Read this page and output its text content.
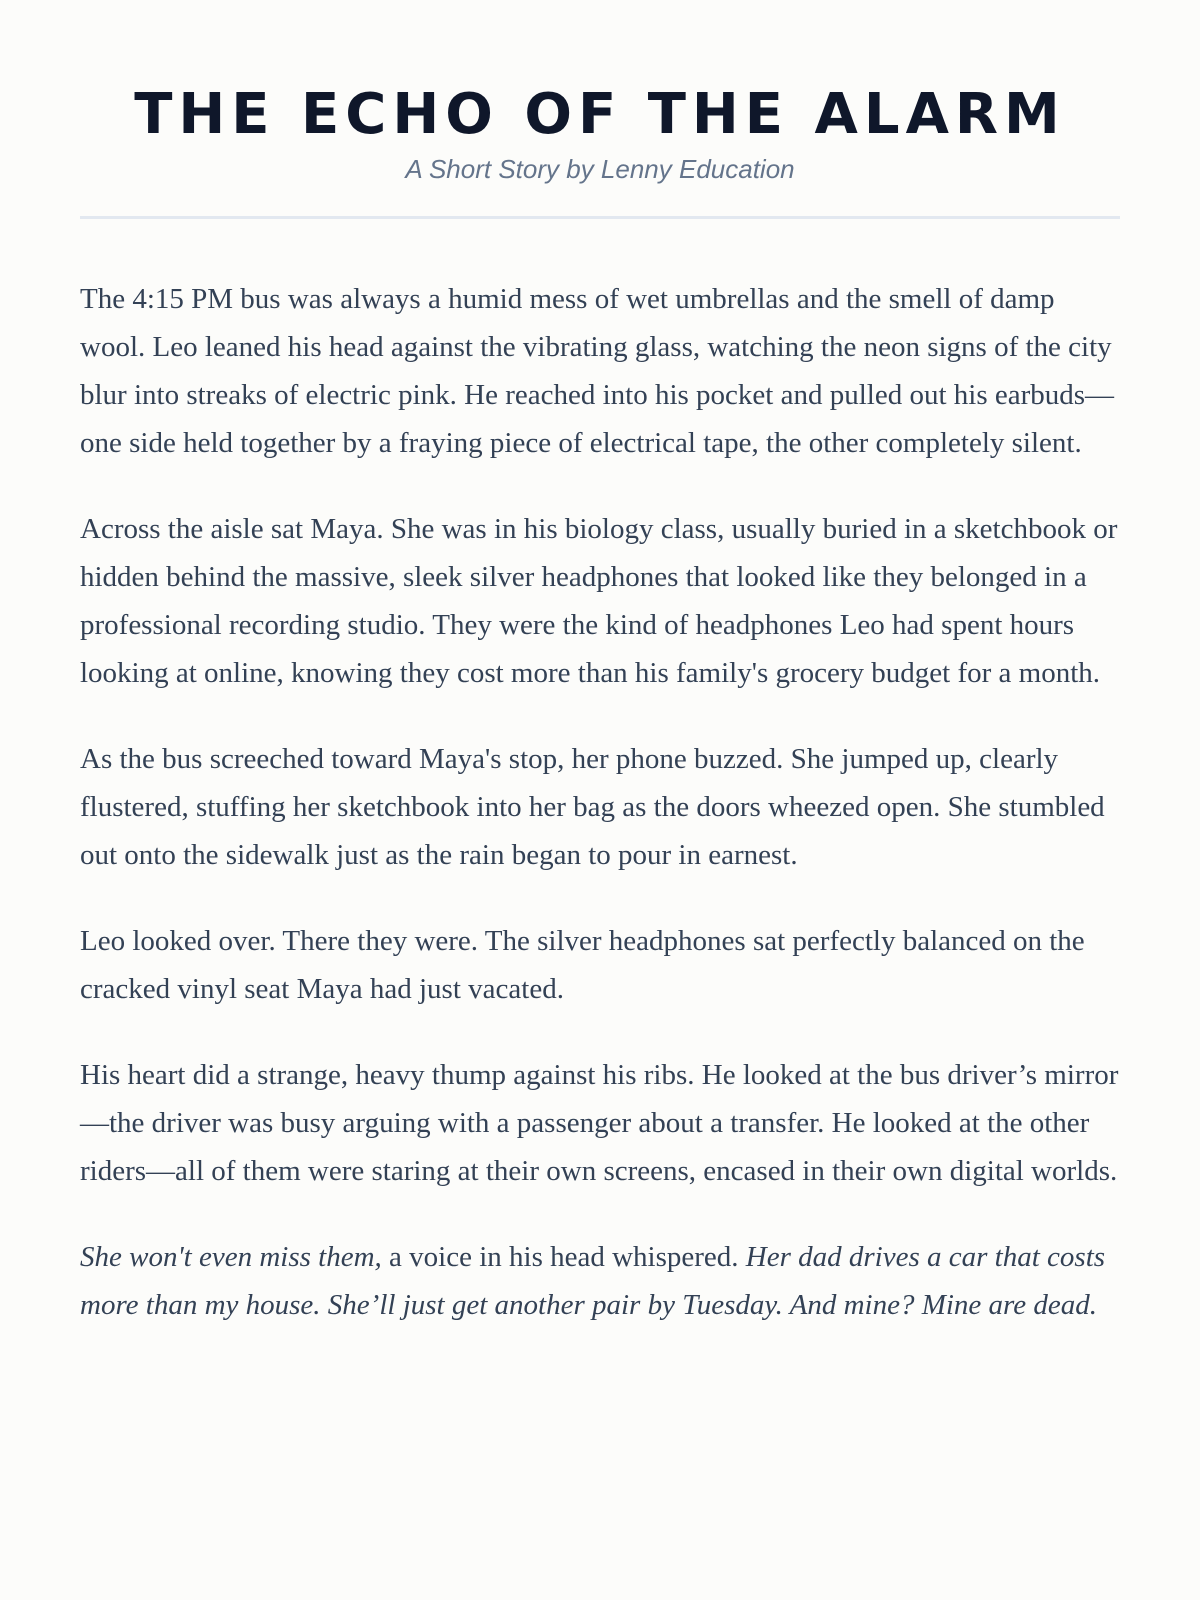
THE ECHO OF THE ALARM

A Short Story by Lenny Education

The 4:15 PM bus was always a humid mess of wet umbrellas and the smell of damp wool. Leo leaned his head against the vibrating glass, watching the neon signs of the city blur into streaks of electric pink. He reached into his pocket and pulled out his earbuds—one side held together by a fraying piece of electrical tape, the other completely silent.

Across the aisle sat Maya. She was in his biology class, usually buried in a sketchbook or hidden behind the massive, sleek silver headphones that looked like they belonged in a professional recording studio. They were the kind of headphones Leo had spent hours looking at online, knowing they cost more than his family's grocery budget for a month.

As the bus screeched toward Maya's stop, her phone buzzed. She jumped up, clearly flustered, stuffing her sketchbook into her bag as the doors wheezed open. She stumbled out onto the sidewalk just as the rain began to pour in earnest.

Leo looked over. There they were. The silver headphones sat perfectly balanced on the cracked vinyl seat Maya had just vacated.

His heart did a strange, heavy thump against his ribs. He looked at the bus driver’s mirror—the driver was busy arguing with a passenger about a transfer. He looked at the other riders—all of them were staring at their own screens, encased in their own digital worlds.

She won't even miss them, a voice in his head whispered. Her dad drives a car that costs more than my house. She’ll just get another pair by Tuesday. And mine? Mine are dead.
